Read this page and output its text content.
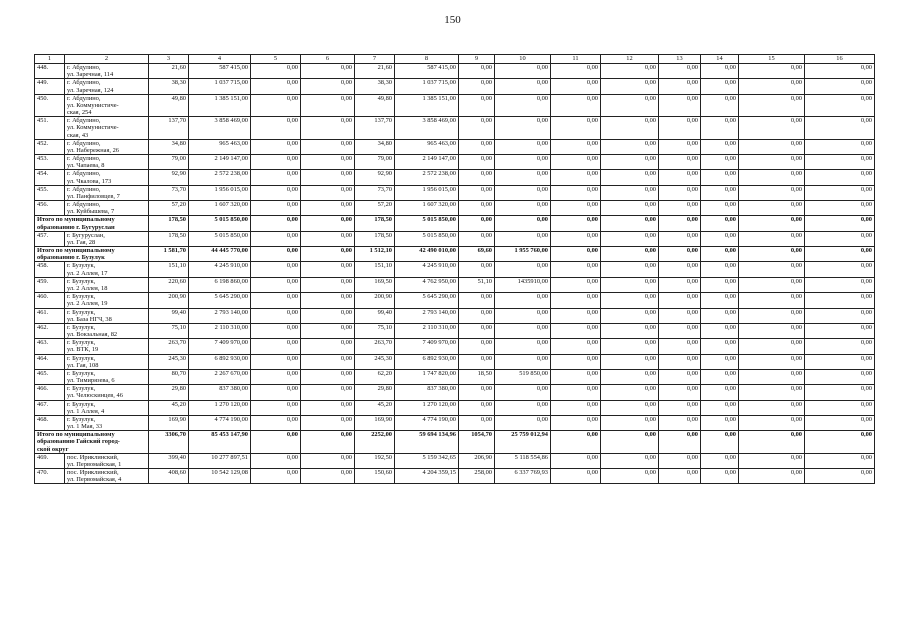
150
1	2	3	4	5	6	7	8	9	10	11	12	13	14	15	16
448.	г. Абдулино,
ул. Заречная, 114	21,60	587 415,00	0,00	0,00	21,60	587 415,00	0,00	0,00	0,00	0,00	0,00	0,00	0,00	0,00
449.	г. Абдулино,
ул. Заречная, 124	38,30	1 037 715,00	0,00	0,00	38,30	1 037 715,00	0,00	0,00	0,00	0,00	0,00	0,00	0,00	0,00
450.	г. Абдулино,
ул. Коммунистиче-
ская, 254	49,80	1 385 151,00	0,00	0,00	49,80	1 385 151,00	0,00	0,00	0,00	0,00	0,00	0,00	0,00	0,00
451.	г. Абдулино,
ул. Коммунистиче-
ская, 43	137,70	3 858 469,00	0,00	0,00	137,70	3 858 469,00	0,00	0,00	0,00	0,00	0,00	0,00	0,00	0,00
452.	г. Абдулино,
ул. Набережная, 26	34,80	965 463,00	0,00	0,00	34,80	965 463,00	0,00	0,00	0,00	0,00	0,00	0,00	0,00	0,00
453.	г. Абдулино,
ул. Чапаева, 8	79,00	2 149 147,00	0,00	0,00	79,00	2 149 147,00	0,00	0,00	0,00	0,00	0,00	0,00	0,00	0,00
454.	г. Абдулино,
ул. Чкалова, 173	92,90	2 572 238,00	0,00	0,00	92,90	2 572 238,00	0,00	0,00	0,00	0,00	0,00	0,00	0,00	0,00
455.	г. Абдулино,
ул. Панфиловцев, 7	73,70	1 956 015,00	0,00	0,00	73,70	1 956 015,00	0,00	0,00	0,00	0,00	0,00	0,00	0,00	0,00
456.	г. Абдулино,
ул. Куйбышева, 7	57,20	1 607 320,00	0,00	0,00	57,20	1 607 320,00	0,00	0,00	0,00	0,00	0,00	0,00	0,00	0,00
Итого по муниципальному
образованию г. Бугуруслан		178,50	5 015 850,00	0,00	0,00	178,50	5 015 850,00	0,00	0,00	0,00	0,00	0,00	0,00	0,00	0,00
457.	г. Бугуруслан,
ул. Гая, 28	178,50	5 015 850,00	0,00	0,00	178,50	5 015 850,00	0,00	0,00	0,00	0,00	0,00	0,00	0,00	0,00
Итого по муниципальному
образованию г. Бузулук		1 581,70	44 445 770,00	0,00	0,00	1 512,10	42 490 010,00	69,60	1 955 760,00	0,00	0,00	0,00	0,00	0,00	0,00
458.	г. Бузулук,
ул. 2 Аллея, 17	151,10	4 245 910,00	0,00	0,00	151,10	4 245 910,00	0,00	0,00	0,00	0,00	0,00	0,00	0,00	0,00
459.	г. Бузулук,
ул. 2 Аллея, 18	220,60	6 198 860,00	0,00	0,00	169,50	4 762 950,00	51,10	1435910,00	0,00	0,00	0,00	0,00	0,00	0,00
460.	г. Бузулук,
ул. 2 Аллея, 19	200,90	5 645 290,00	0,00	0,00	200,90	5 645 290,00	0,00	0,00	0,00	0,00	0,00	0,00	0,00	0,00
461.	г. Бузулук,
ул. База НГЧ, 38	99,40	2 793 140,00	0,00	0,00	99,40	2 793 140,00	0,00	0,00	0,00	0,00	0,00	0,00	0,00	0,00
462.	г. Бузулук,
ул. Вокзальная, 82	75,10	2 110 310,00	0,00	0,00	75,10	2 110 310,00	0,00	0,00	0,00	0,00	0,00	0,00	0,00	0,00
463.	г. Бузулук,
ул. ВТК, 19	263,70	7 409 970,00	0,00	0,00	263,70	7 409 970,00	0,00	0,00	0,00	0,00	0,00	0,00	0,00	0,00
464.	г. Бузулук,
ул. Гая, 108	245,30	6 892 930,00	0,00	0,00	245,30	6 892 930,00	0,00	0,00	0,00	0,00	0,00	0,00	0,00	0,00
465.	г. Бузулук,
ул. Тимирязева, 6	80,70	2 267 670,00	0,00	0,00	62,20	1 747 820,00	18,50	519 850,00	0,00	0,00	0,00	0,00	0,00	0,00
466.	г. Бузулук,
ул. Челюскинцев, 46	29,80	837 380,00	0,00	0,00	29,80	837 380,00	0,00	0,00	0,00	0,00	0,00	0,00	0,00	0,00
467.	г. Бузулук,
ул. 1 Аллея, 4	45,20	1 270 120,00	0,00	0,00	45,20	1 270 120,00	0,00	0,00	0,00	0,00	0,00	0,00	0,00	0,00
468.	г. Бузулук,
ул. 1 Мая, 33	169,90	4 774 190,00	0,00	0,00	169,90	4 774 190,00	0,00	0,00	0,00	0,00	0,00	0,00	0,00	0,00
Итого по муниципальному
образованию Гайский город-
ской округ		3306,70	85 453 147,90	0,00	0,00	2252,00	59 694 134,96	1054,70	25 759 012,94	0,00	0,00	0,00	0,00	0,00	0,00
469.	пос. Ириклинский,
ул. Первомайская, 1	399,40	10 277 897,51	0,00	0,00	192,50	5 159 342,65	206,90	5 118 554,86	0,00	0,00	0,00	0,00	0,00	0,00
470.	пос. Ириклинский,
ул. Первомайская, 4	408,60	10 542 129,08	0,00	0,00	150,60	4 204 359,15	258,00	6 337 769,93	0,00	0,00	0,00	0,00	0,00	0,00
